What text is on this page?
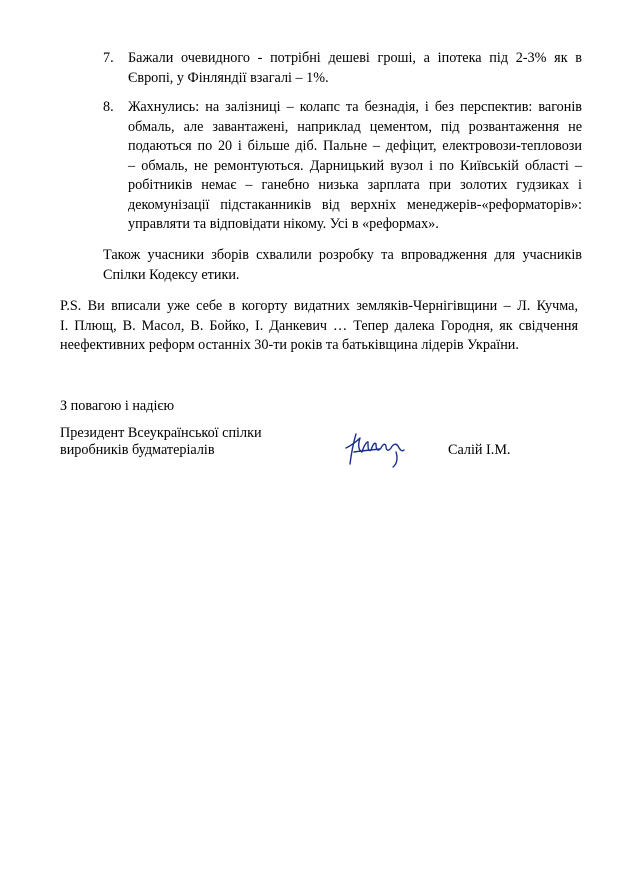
7.	Бажали очевидного - потрібні дешеві гроші, а іпотека під 2-3% як в
Європі, у Фінляндії взагалі – 1%.
8.	Жахнулись: на залізниці – колапс та безнадія, і без перспектив: вагонів
обмаль, але завантажені, наприклад цементом, під розвантаження не
подаються по 20 і більше діб. Пальне – дефіцит, електровози-тепловози
– обмаль, не ремонтуються. Дарницький вузол і по Київській області –
робітників немає – ганебно низька зарплата при золотих гудзиках і
декомунізації підстаканників від верхніх менеджерів-«реформаторів»:
управляти та відповідати нікому. Усі в «реформах».
Також учасники зборів схвалили розробку та впровадження для учасників
Спілки Кодексу етики.
P.S. Ви вписали уже себе в когорту видатних земляків-Чернігівщини – Л. Кучма,
І. Плющ, В. Масол, В. Бойко, І. Данкевич … Тепер далека Городня, як свідчення
неефективних реформ останніх 30-ти років та батьківщина лідерів України.
З повагою і надією
Президент Всеукраїнської спілки
виробників будматеріалів	Салій І.М.
